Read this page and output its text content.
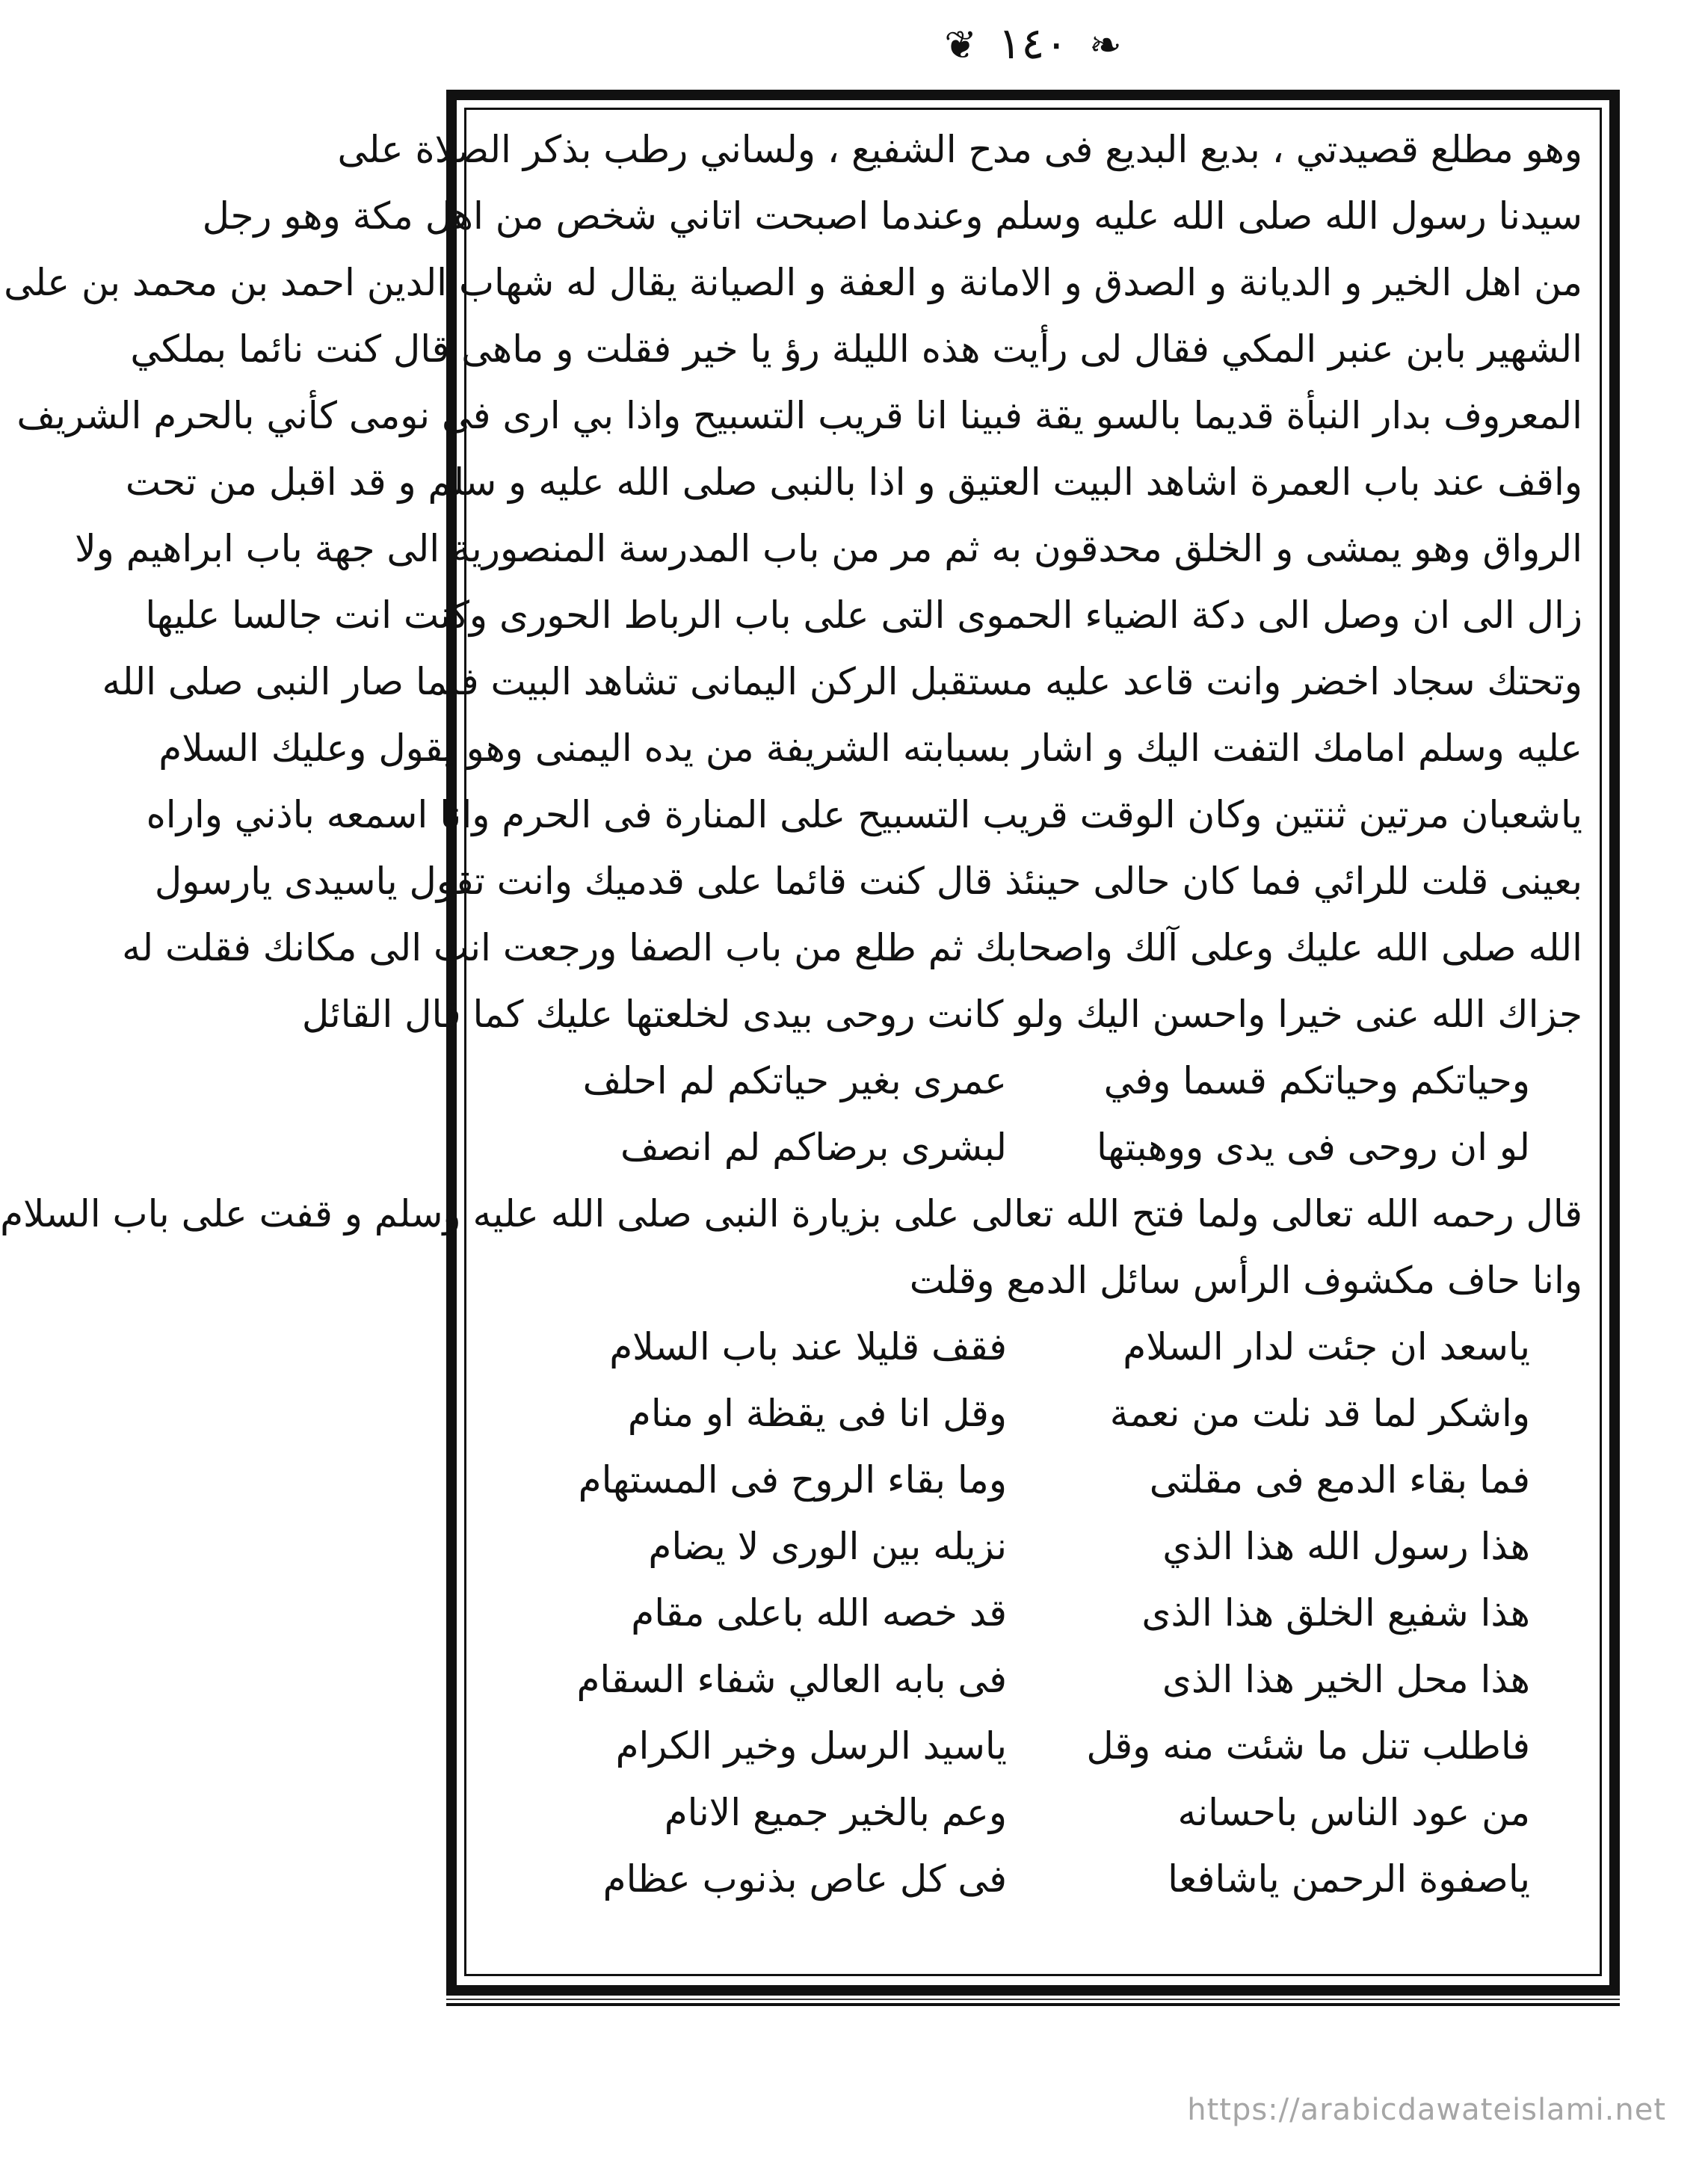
❧ ١٤٠ ❦
وهو مطلع قصيدتي ، بديع البديع فى مدح الشفيع ، ولساني رطب بذكر الصلاة على
سيدنا رسول الله صلى الله عليه وسلم وعندما اصبحت اتاني شخص من اهل مكة وهو رجل
من اهل الخير و الديانة و الصدق و الامانة و العفة و الصيانة يقال له شهاب الدين احمد بن محمد بن على
الشهير بابن عنبر المكي فقال لى رأيت هذه الليلة رؤ يا خير فقلت و ماهى قال كنت نائما بملكي
المعروف بدار النبأة قديما بالسو يقة فبينا انا قريب التسبيح واذا بي ارى فى نومى كأني بالحرم الشريف
واقف عند باب العمرة اشاهد البيت العتيق و اذا بالنبى صلى الله عليه و سلم و قد اقبل من تحت
الرواق وهو يمشى و الخلق محدقون به ثم مر من باب المدرسة المنصورية الى جهة باب ابراهيم ولا
زال الى ان وصل الى دكة الضياء الحموى التى على باب الرباط الحورى وكنت انت جالسا عليها
وتحتك سجاد اخضر وانت قاعد عليه مستقبل الركن اليمانى تشاهد البيت فلما صار النبى صلى الله
عليه وسلم امامك التفت اليك و اشار بسبابته الشريفة من يده اليمنى وهو يقول وعليك السلام
ياشعبان مرتين ثنتين وكان الوقت قريب التسبيح على المنارة فى الحرم وانا اسمعه باذني واراه
بعينى قلت للرائي فما كان حالى حينئذ قال كنت قائما على قدميك وانت تقول ياسيدى يارسول
الله صلى الله عليك وعلى آلك واصحابك ثم طلع من باب الصفا ورجعت انت الى مكانك فقلت له
جزاك الله عنى خيرا واحسن اليك ولو كانت روحى بيدى لخلعتها عليك كما قال القائل
وحياتكم وحياتكم قسما وفي
عمرى بغير حياتكم لم احلف
لو ان روحى فى يدى ووهبتها
لبشرى برضاكم لم انصف
قال رحمه الله تعالى ولما فتح الله تعالى على بزيارة النبى صلى الله عليه وسلم و قفت على باب السلام
وانا حاف مكشوف الرأس سائل الدمع وقلت
ياسعد ان جئت لدار السلام
فقف قليلا عند باب السلام
واشكر لما قد نلت من نعمة
وقل انا فى يقظة او منام
فما بقاء الدمع فى مقلتى
وما بقاء الروح فى المستهام
هذا رسول الله هذا الذي
نزيله بين الورى لا يضام
هذا شفيع الخلق هذا الذى
قد خصه الله باعلى مقام
هذا محل الخير هذا الذى
فى بابه العالي شفاء السقام
فاطلب تنل ما شئت منه وقل
ياسيد الرسل وخير الكرام
من عود الناس باحسانه
وعم بالخير جميع الانام
ياصفوة الرحمن ياشافعا
فى كل عاص بذنوب عظام
https://arabicdawateislami.net
